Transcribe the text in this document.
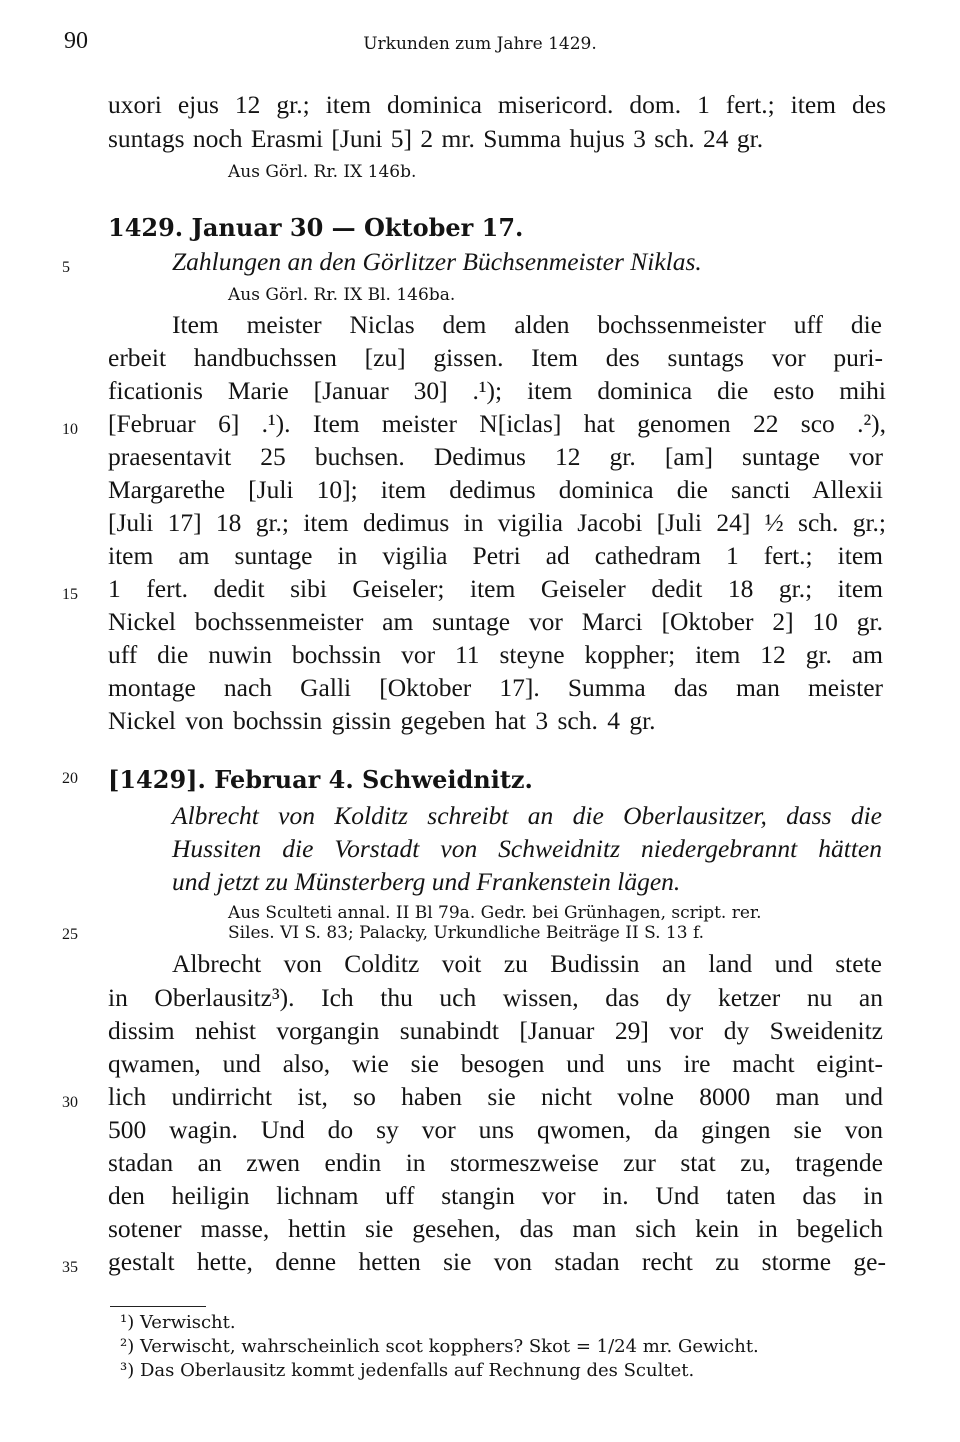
90	Urkunden zum Jahre 1429.
uxori ejus 12 gr.; item dominica misericord. dom. 1 fert.; item des
suntags noch Erasmi [Juni 5] 2 mr. Summa hujus 3 sch. 24 gr.
Aus Görl. Rr. IX 146b.
1429. Januar 30 — Oktober 17.
Zahlungen an den Görlitzer Büchsenmeister Niklas.
Aus Görl. Rr. IX Bl. 146ba.
Item meister Niclas dem alden bochssenmeister uff die
erbeit handbuchssen [zu] gissen. Item des suntags vor puri-
ficationis Marie [Januar 30] .¹); item dominica die esto mihi
[Februar 6] .¹). Item meister N[iclas] hat genomen 22 sco .²),
praesentavit 25 buchsen. Dedimus 12 gr. [am] suntage vor
Margarethe [Juli 10]; item dedimus dominica die sancti Allexii
[Juli 17] 18 gr.; item dedimus in vigilia Jacobi [Juli 24] ½ sch. gr.;
item am suntage in vigilia Petri ad cathedram 1 fert.; item
1 fert. dedit sibi Geiseler; item Geiseler dedit 18 gr.; item
Nickel bochssenmeister am suntage vor Marci [Oktober 2] 10 gr.
uff die nuwin bochssin vor 11 steyne koppher; item 12 gr. am
montage nach Galli [Oktober 17]. Summa das man meister
Nickel von bochssin gissin gegeben hat 3 sch. 4 gr.
[1429]. Februar 4. Schweidnitz.
Albrecht von Kolditz schreibt an die Oberlausitzer, dass die
Hussiten die Vorstadt von Schweidnitz niedergebrannt hätten
und jetzt zu Münsterberg und Frankenstein lägen.
Aus Sculteti annal. II Bl 79a. Gedr. bei Grünhagen, script. rer.
Siles. VI S. 83; Palacky, Urkundliche Beiträge II S. 13 f.
Albrecht von Colditz voit zu Budissin an land und stete
in Oberlausitz³). Ich thu uch wissen, das dy ketzer nu an
dissim nehist vorgangin sunabindt [Januar 29] vor dy Sweidenitz
qwamen, und also, wie sie besogen und uns ire macht eigint-
lich undirricht ist, so haben sie nicht volne 8000 man und
500 wagin. Und do sy vor uns qwomen, da gingen sie von
stadan an zwen endin in stormeszweise zur stat zu, tragende
den heiligin lichnam uff stangin vor in. Und taten das in
sotener masse, hettin sie gesehen, das man sich kein in begelich
gestalt hette, denne hetten sie von stadan recht zu storme ge-
5
10
15
20
25
30
35
¹) Verwischt.
²) Verwischt, wahrscheinlich scot kopphers? Skot = 1/24 mr. Gewicht.
³) Das Oberlausitz kommt jedenfalls auf Rechnung des Scultet.
